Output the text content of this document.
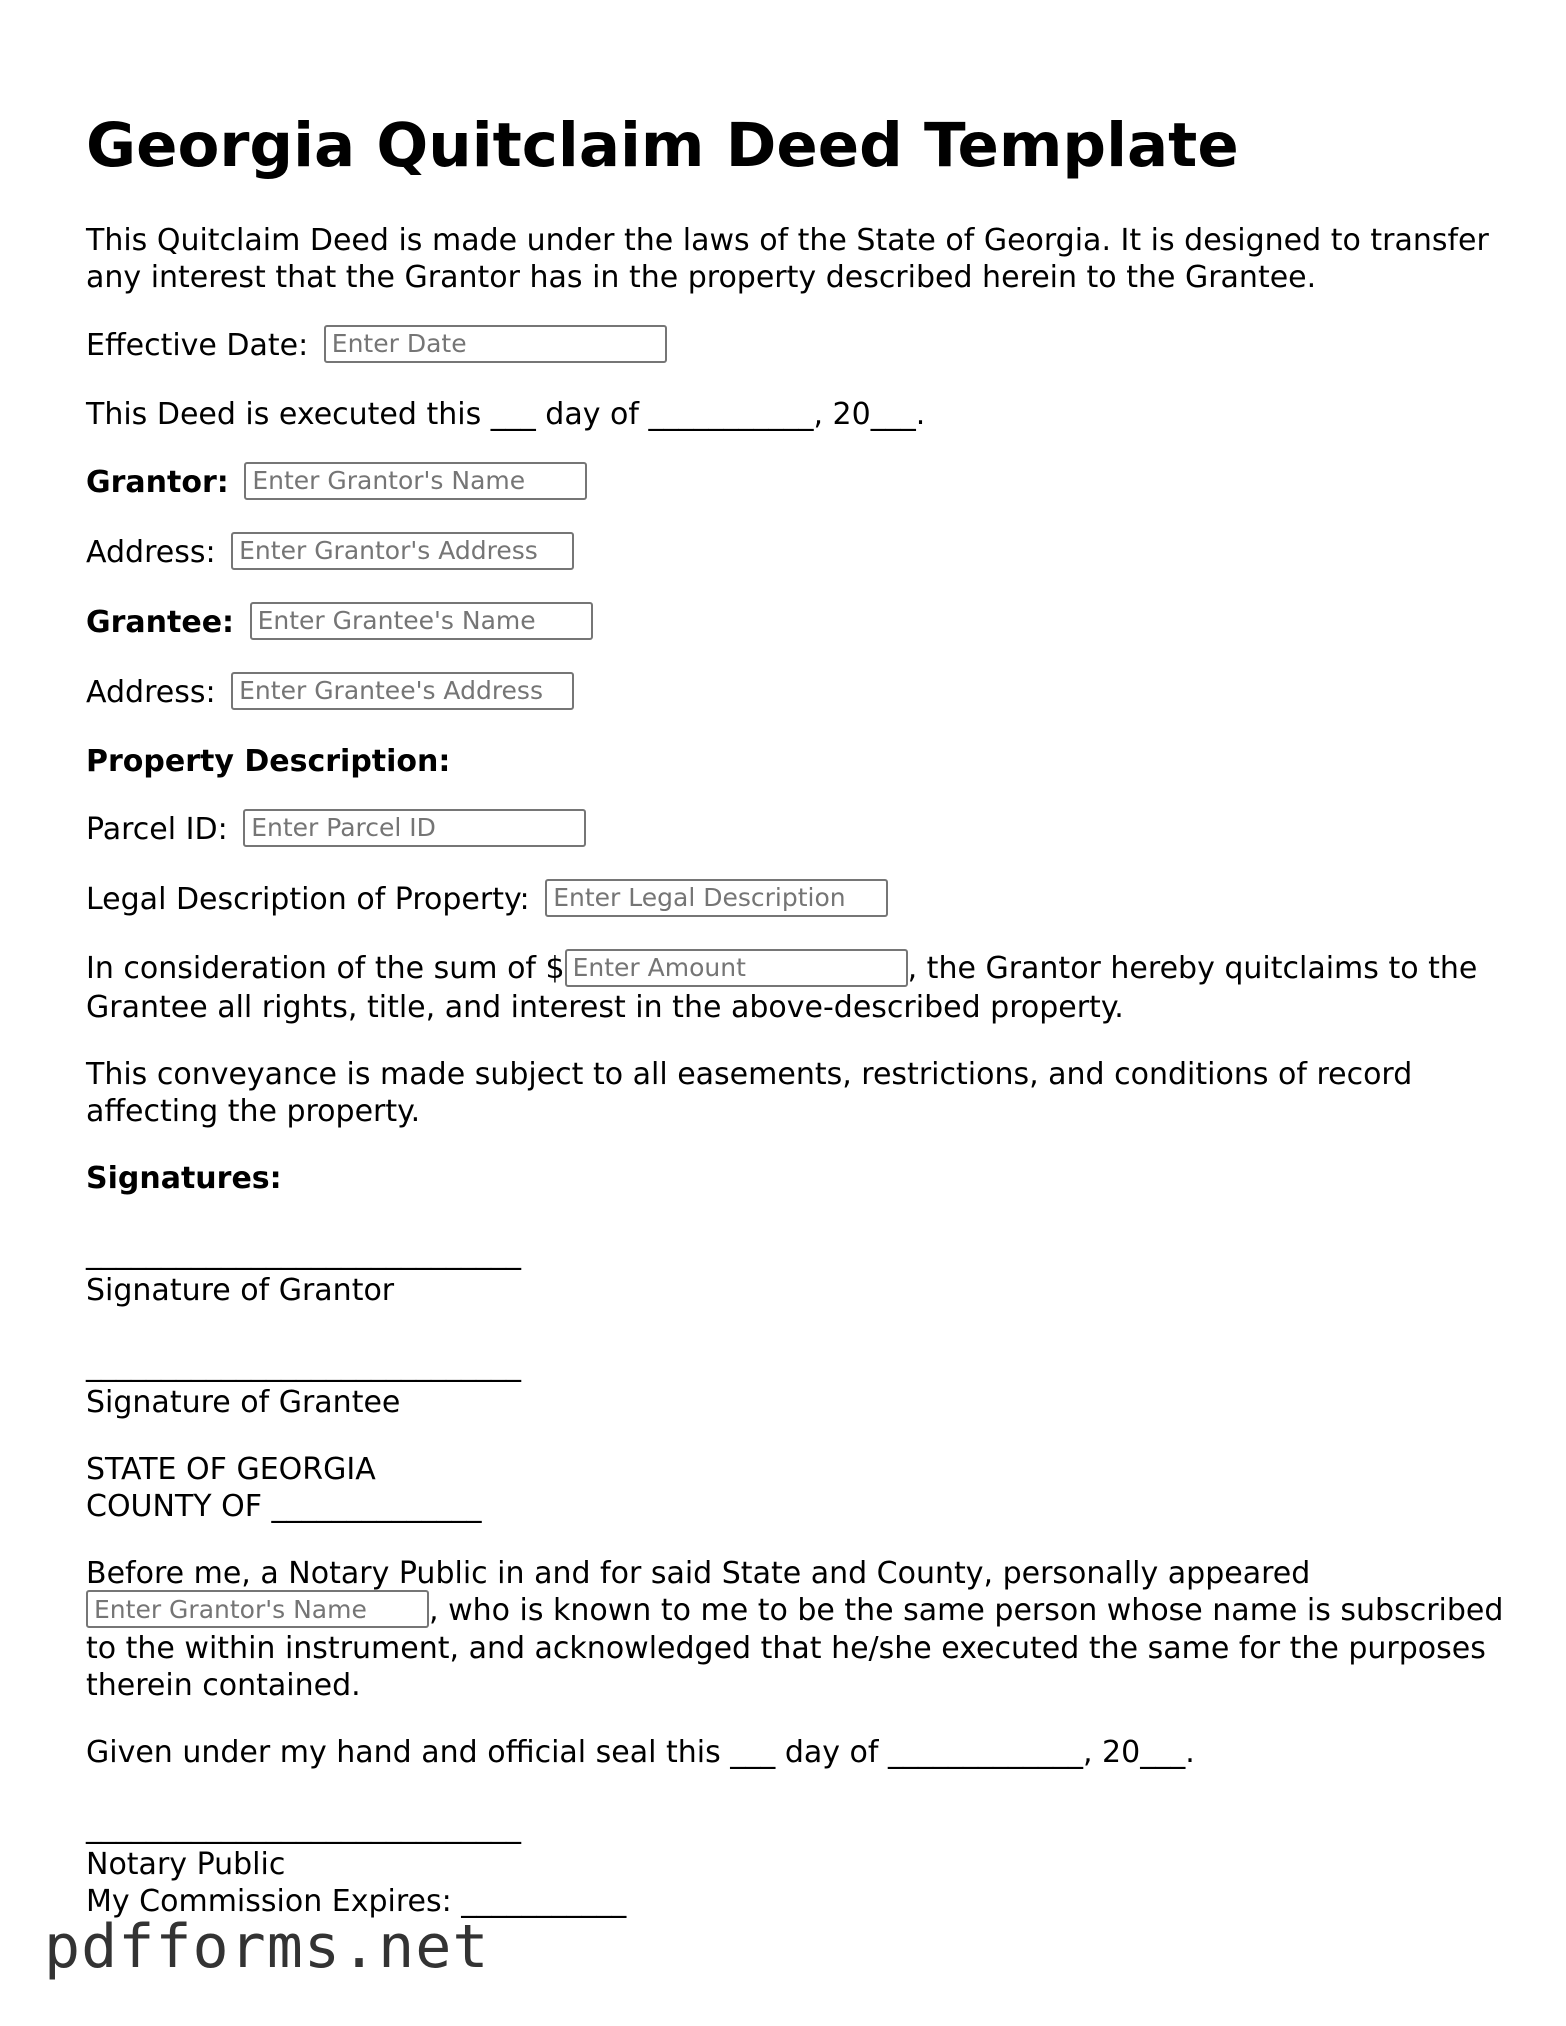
Georgia Quitclaim Deed Template

This Quitclaim Deed is made under the laws of the State of Georgia. It is designed to transfer any interest that the Grantor has in the property described herein to the Grantee.

Effective Date: Enter Date

This Deed is executed this ___ day of ___________, 20___.

Grantor: Enter Grantor's Name
Address: Enter Grantor's Address
Grantee: Enter Grantee's Name
Address: Enter Grantee's Address

Property Description:

Parcel ID: Enter Parcel ID
Legal Description of Property: Enter Legal Description

In consideration of the sum of $Enter Amount	, the Grantor hereby quitclaims to the Grantee all rights, title, and interest in the above-described property.

This conveyance is made subject to all easements, restrictions, and conditions of record affecting the property.

Signatures:

_____________________________
Signature of Grantor
_____________________________
Signature of Grantee
STATE OF GEORGIA
COUNTY OF ______________

Before me, a Notary Public in and for said State and County, personally appeared Enter Grantor's Name, who is known to me to be the same person whose name is subscribed to the within instrument, and acknowledged that he/she executed the same for the purposes therein contained.

Given under my hand and official seal this ___ day of _____________, 20___.

_____________________________
Notary Public
My Commission Expires: ___________
pdfforms.net
